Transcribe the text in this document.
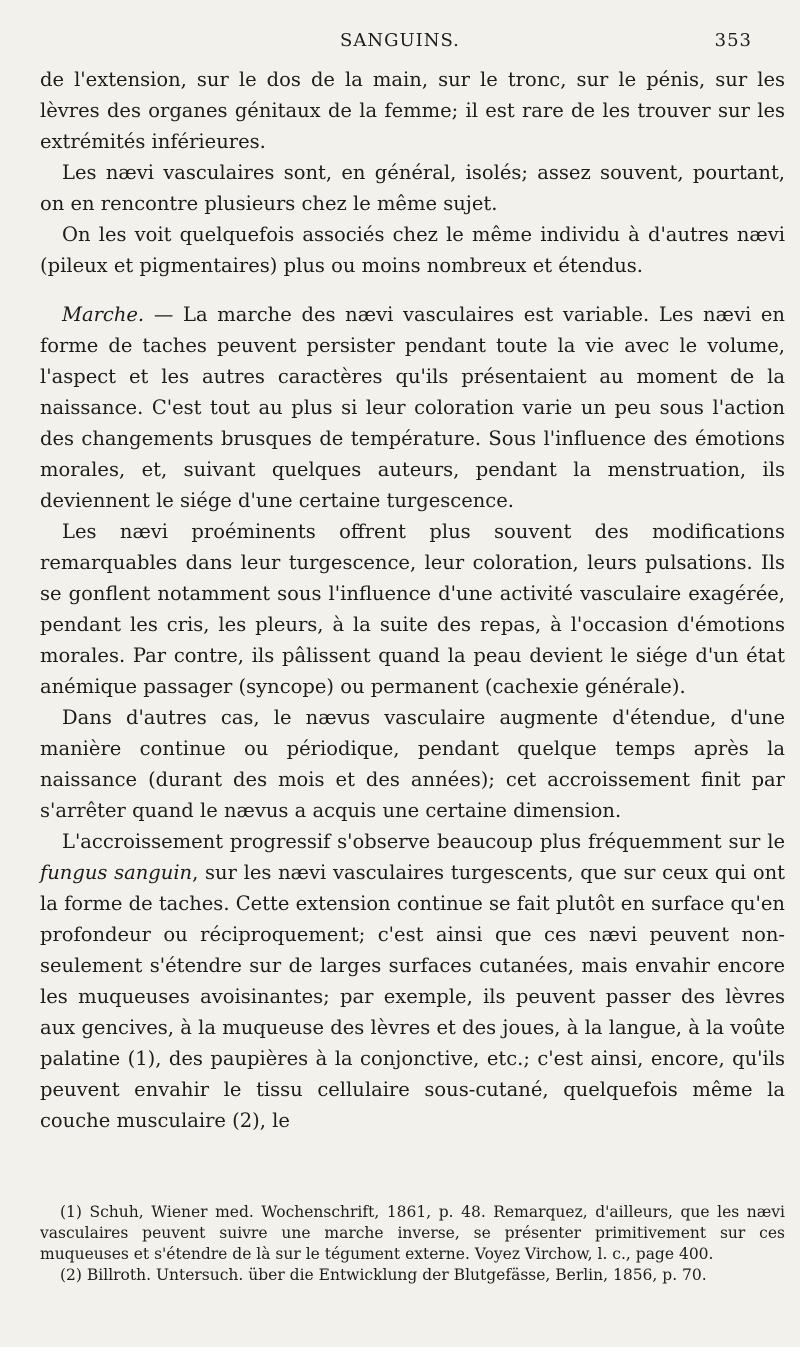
SANGUINS.	353

de l'extension, sur le dos de la main, sur le tronc, sur le pénis, sur les lèvres des organes génitaux de la femme; il est rare de les trouver sur les extrémités inférieures.

Les nævi vasculaires sont, en général, isolés; assez souvent, pourtant, on en rencontre plusieurs chez le même sujet.

On les voit quelquefois associés chez le même individu à d'autres nævi (pileux et pigmentaires) plus ou moins nombreux et étendus.

Marche. — La marche des nævi vasculaires est variable. Les nævi en forme de taches peuvent persister pendant toute la vie avec le volume, l'aspect et les autres caractères qu'ils présentaient au moment de la naissance. C'est tout au plus si leur coloration varie un peu sous l'action des changements brusques de température. Sous l'influence des émotions morales, et, suivant quelques auteurs, pendant la menstruation, ils deviennent le siége d'une certaine turgescence.

Les nævi proéminents offrent plus souvent des modifications remarquables dans leur turgescence, leur coloration, leurs pulsations. Ils se gonflent notamment sous l'influence d'une activité vasculaire exagérée, pendant les cris, les pleurs, à la suite des repas, à l'occasion d'émotions morales. Par contre, ils pâlissent quand la peau devient le siége d'un état anémique passager (syncope) ou permanent (cachexie générale).

Dans d'autres cas, le nævus vasculaire augmente d'étendue, d'une manière continue ou périodique, pendant quelque temps après la naissance (durant des mois et des années); cet accroissement finit par s'arrêter quand le nævus a acquis une certaine dimension.

L'accroissement progressif s'observe beaucoup plus fréquemment sur le fungus sanguin, sur les nævi vasculaires turgescents, que sur ceux qui ont la forme de taches. Cette extension continue se fait plutôt en surface qu'en profondeur ou réciproquement; c'est ainsi que ces nævi peuvent non-seulement s'étendre sur de larges surfaces cutanées, mais envahir encore les muqueuses avoisinantes; par exemple, ils peuvent passer des lèvres aux gencives, à la muqueuse des lèvres et des joues, à la langue, à la voûte palatine (1), des paupières à la conjonctive, etc.; c'est ainsi, encore, qu'ils peuvent envahir le tissu cellulaire sous-cutané, quelquefois même la couche musculaire (2), le

(1) Schuh, Wiener med. Wochenschrift, 1861, p. 48. Remarquez, d'ailleurs, que les nævi vasculaires peuvent suivre une marche inverse, se présenter primitivement sur ces muqueuses et s'étendre de là sur le tégument externe. Voyez Virchow, l. c., page 400.

(2) Billroth. Untersuch. über die Entwicklung der Blutgefässe, Berlin, 1856, p. 70.
